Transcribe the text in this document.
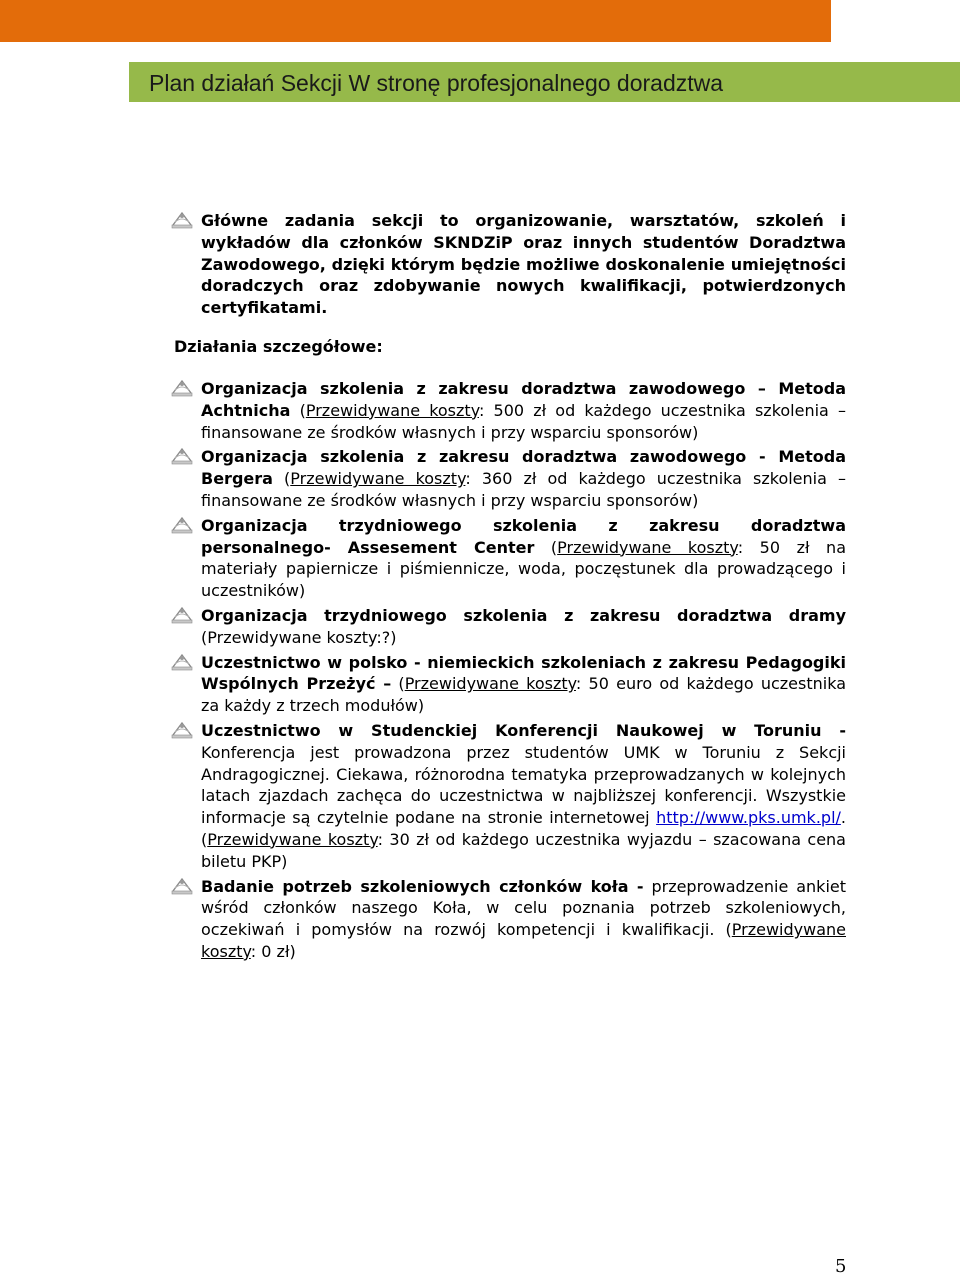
Plan działań Sekcji W stronę profesjonalnego doradztwa
Główne zadania sekcji to organizowanie, warsztatów, szkoleń i wykładów dla członków SKNDZiP oraz innych studentów Doradztwa Zawodowego, dzięki którym będzie możliwe doskonalenie umiejętności doradczych oraz zdobywanie nowych kwalifikacji, potwierdzonych certyfikatami.
Działania szczegółowe:
Organizacja szkolenia z zakresu doradztwa zawodowego – Metoda Achtnicha (Przewidywane koszty: 500 zł od każdego uczestnika szkolenia – finansowane ze środków własnych i przy wsparciu sponsorów)
Organizacja szkolenia z zakresu doradztwa zawodowego - Metoda Bergera (Przewidywane koszty: 360 zł od każdego uczestnika szkolenia – finansowane ze środków własnych i przy wsparciu sponsorów)
Organizacja trzydniowego szkolenia z zakresu doradztwa personalnego- Assesement Center (Przewidywane koszty: 50 zł na materiały papiernicze i piśmiennicze, woda, poczęstunek dla prowadzącego i uczestników)
Organizacja trzydniowego szkolenia z zakresu doradztwa dramy (Przewidywane koszty:?)
Uczestnictwo w polsko - niemieckich szkoleniach z zakresu Pedagogiki Wspólnych Przeżyć – (Przewidywane koszty: 50 euro od każdego uczestnika za każdy z trzech modułów)
Uczestnictwo w Studenckiej Konferencji Naukowej w Toruniu - Konferencja jest prowadzona przez studentów UMK w Toruniu z Sekcji Andragogicznej. Ciekawa, różnorodna tematyka przeprowadzanych w kolejnych latach zjazdach zachęca do uczestnictwa w najbliższej konferencji. Wszystkie informacje są czytelnie podane na stronie internetowej http://www.pks.umk.pl/. (Przewidywane koszty: 30 zł od każdego uczestnika wyjazdu – szacowana cena biletu PKP)
Badanie potrzeb szkoleniowych członków koła - przeprowadzenie ankiet wśród członków naszego Koła, w celu poznania potrzeb szkoleniowych, oczekiwań i pomysłów na rozwój kompetencji i kwalifikacji. (Przewidywane koszty: 0 zł)
5
